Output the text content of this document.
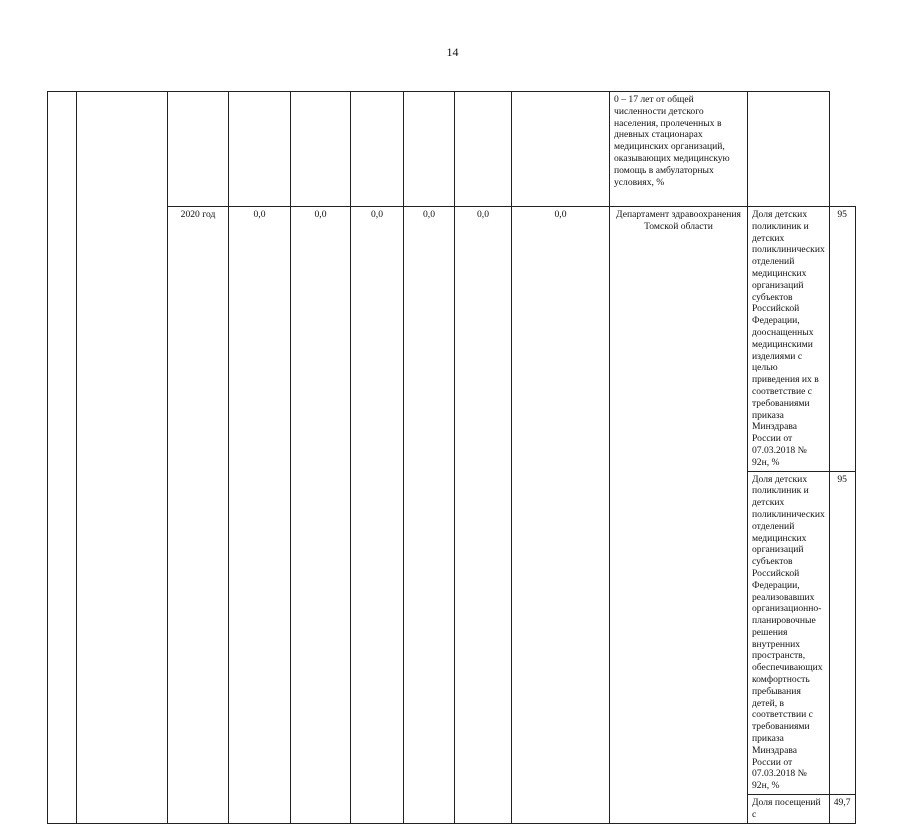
14
									0 – 17 лет от общей численности детского населения, пролеченных в дневных стационарах медицинских организаций, оказывающих медицинскую помощь в амбулаторных условиях, %		
		2020 год	0,0	0,0	0,0	0,0	0,0	0,0	Департамент здравоохранения Томской области	Доля детских поликлиник и детских поликлинических отделений медицинских организаций субъектов Российской Федерации, дооснащенных медицинскими изделиями с целью приведения их в соответствие с требованиями приказа Минздрава России от 07.03.2018 № 92н, %	95
										Доля детских поликлиник и детских поликлинических отделений медицинских организаций субъектов Российской Федерации, реализовавших организационно-планировочные решения внутренних пространств, обеспечивающих комфортность пребывания детей, в соответствии с требованиями приказа Минздрава России от 07.03.2018 № 92н, %	95
										Доля посещений с	49,7
